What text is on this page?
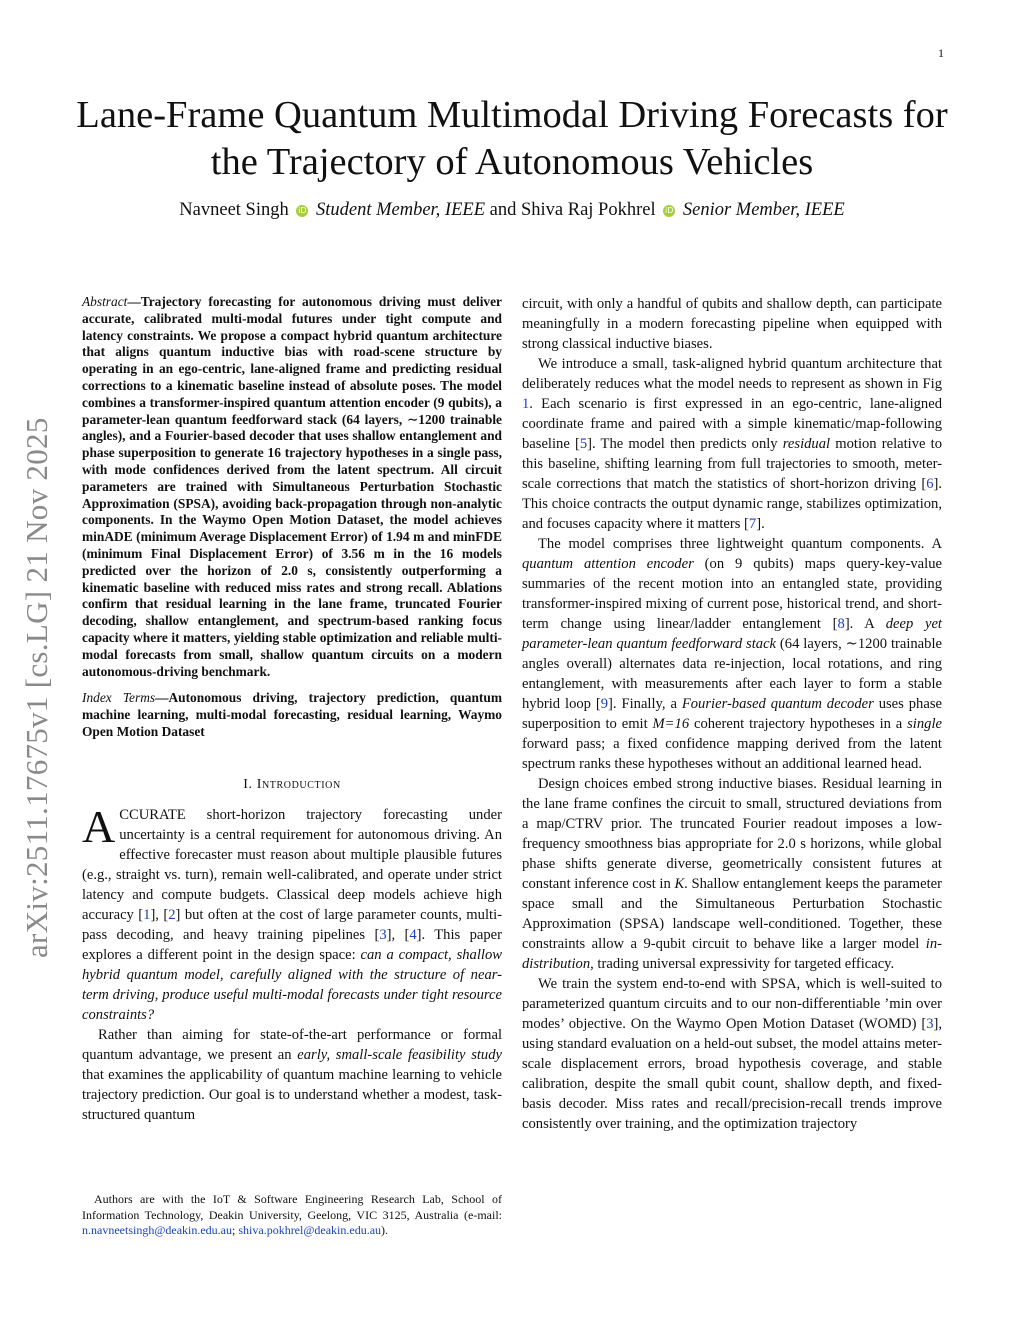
1
arXiv:2511.17675v1 [cs.LG] 21 Nov 2025
Lane-Frame Quantum Multimodal Driving Forecasts for the Trajectory of Autonomous Vehicles
Navneet Singh iD Student Member, IEEE and Shiva Raj Pokhrel iD Senior Member, IEEE

Abstract—Trajectory forecasting for autonomous driving must deliver accurate, calibrated multi-modal futures under tight compute and latency constraints. We propose a compact hybrid quantum architecture that aligns quantum inductive bias with road-scene structure by operating in an ego-centric, lane-aligned frame and predicting residual corrections to a kinematic baseline instead of absolute poses. The model combines a transformer-inspired quantum attention encoder (9 qubits), a parameter-lean quantum feedforward stack (64 layers, ∼1200 trainable angles), and a Fourier-based decoder that uses shallow entanglement and phase superposition to generate 16 trajectory hypotheses in a single pass, with mode confidences derived from the latent spectrum. All circuit parameters are trained with Simultaneous Perturbation Stochastic Approximation (SPSA), avoiding back-propagation through non-analytic components. In the Waymo Open Motion Dataset, the model achieves minADE (minimum Average Displacement Error) of 1.94 m and minFDE (minimum Final Displacement Error) of 3.56 m in the 16 models predicted over the horizon of 2.0 s, consistently outperforming a kinematic baseline with reduced miss rates and strong recall. Ablations confirm that residual learning in the lane frame, truncated Fourier decoding, shallow entanglement, and spectrum-based ranking focus capacity where it matters, yielding stable optimization and reliable multi-modal forecasts from small, shallow quantum circuits on a modern autonomous-driving benchmark.

Index Terms—Autonomous driving, trajectory prediction, quantum machine learning, multi-modal forecasting, residual learning, Waymo Open Motion Dataset

I. Introduction

ACCURATE short-horizon trajectory forecasting under uncertainty is a central requirement for autonomous driving. An effective forecaster must reason about multiple plausible futures (e.g., straight vs. turn), remain well-calibrated, and operate under strict latency and compute budgets. Classical deep models achieve high accuracy [1], [2] but often at the cost of large parameter counts, multi-pass decoding, and heavy training pipelines [3], [4]. This paper explores a different point in the design space: can a compact, shallow hybrid quantum model, carefully aligned with the structure of near-term driving, produce useful multi-modal forecasts under tight resource constraints?

Rather than aiming for state-of-the-art performance or formal quantum advantage, we present an early, small-scale feasibility study that examines the applicability of quantum machine learning to vehicle trajectory prediction. Our goal is to understand whether a modest, task-structured quantum

Authors are with the IoT & Software Engineering Research Lab, School of Information Technology, Deakin University, Geelong, VIC 3125, Australia (e-mail: n.navneetsingh@deakin.edu.au; shiva.pokhrel@deakin.edu.au).

circuit, with only a handful of qubits and shallow depth, can participate meaningfully in a modern forecasting pipeline when equipped with strong classical inductive biases.

We introduce a small, task-aligned hybrid quantum architecture that deliberately reduces what the model needs to represent as shown in Fig 1. Each scenario is first expressed in an ego-centric, lane-aligned coordinate frame and paired with a simple kinematic/map-following baseline [5]. The model then predicts only residual motion relative to this baseline, shifting learning from full trajectories to smooth, meter-scale corrections that match the statistics of short-horizon driving [6]. This choice contracts the output dynamic range, stabilizes optimization, and focuses capacity where it matters [7].

The model comprises three lightweight quantum components. A quantum attention encoder (on 9 qubits) maps query-key-value summaries of the recent motion into an entangled state, providing transformer-inspired mixing of current pose, historical trend, and short-term change using linear/ladder entanglement [8]. A deep yet parameter-lean quantum feedforward stack (64 layers, ∼1200 trainable angles overall) alternates data re-injection, local rotations, and ring entanglement, with measurements after each layer to form a stable hybrid loop [9]. Finally, a Fourier-based quantum decoder uses phase superposition to emit M=16 coherent trajectory hypotheses in a single forward pass; a fixed confidence mapping derived from the latent spectrum ranks these hypotheses without an additional learned head.

Design choices embed strong inductive biases. Residual learning in the lane frame confines the circuit to small, structured deviations from a map/CTRV prior. The truncated Fourier readout imposes a low-frequency smoothness bias appropriate for 2.0 s horizons, while global phase shifts generate diverse, geometrically consistent futures at constant inference cost in K. Shallow entanglement keeps the parameter space small and the Simultaneous Perturbation Stochastic Approximation (SPSA) landscape well-conditioned. Together, these constraints allow a 9-qubit circuit to behave like a larger model in-distribution, trading universal expressivity for targeted efficacy.

We train the system end-to-end with SPSA, which is well-suited to parameterized quantum circuits and to our non-differentiable ’min over modes’ objective. On the Waymo Open Motion Dataset (WOMD) [3], using standard evaluation on a held-out subset, the model attains meter-scale displacement errors, broad hypothesis coverage, and stable calibration, despite the small qubit count, shallow depth, and fixed-basis decoder. Miss rates and recall/precision-recall trends improve consistently over training, and the optimization trajectory
